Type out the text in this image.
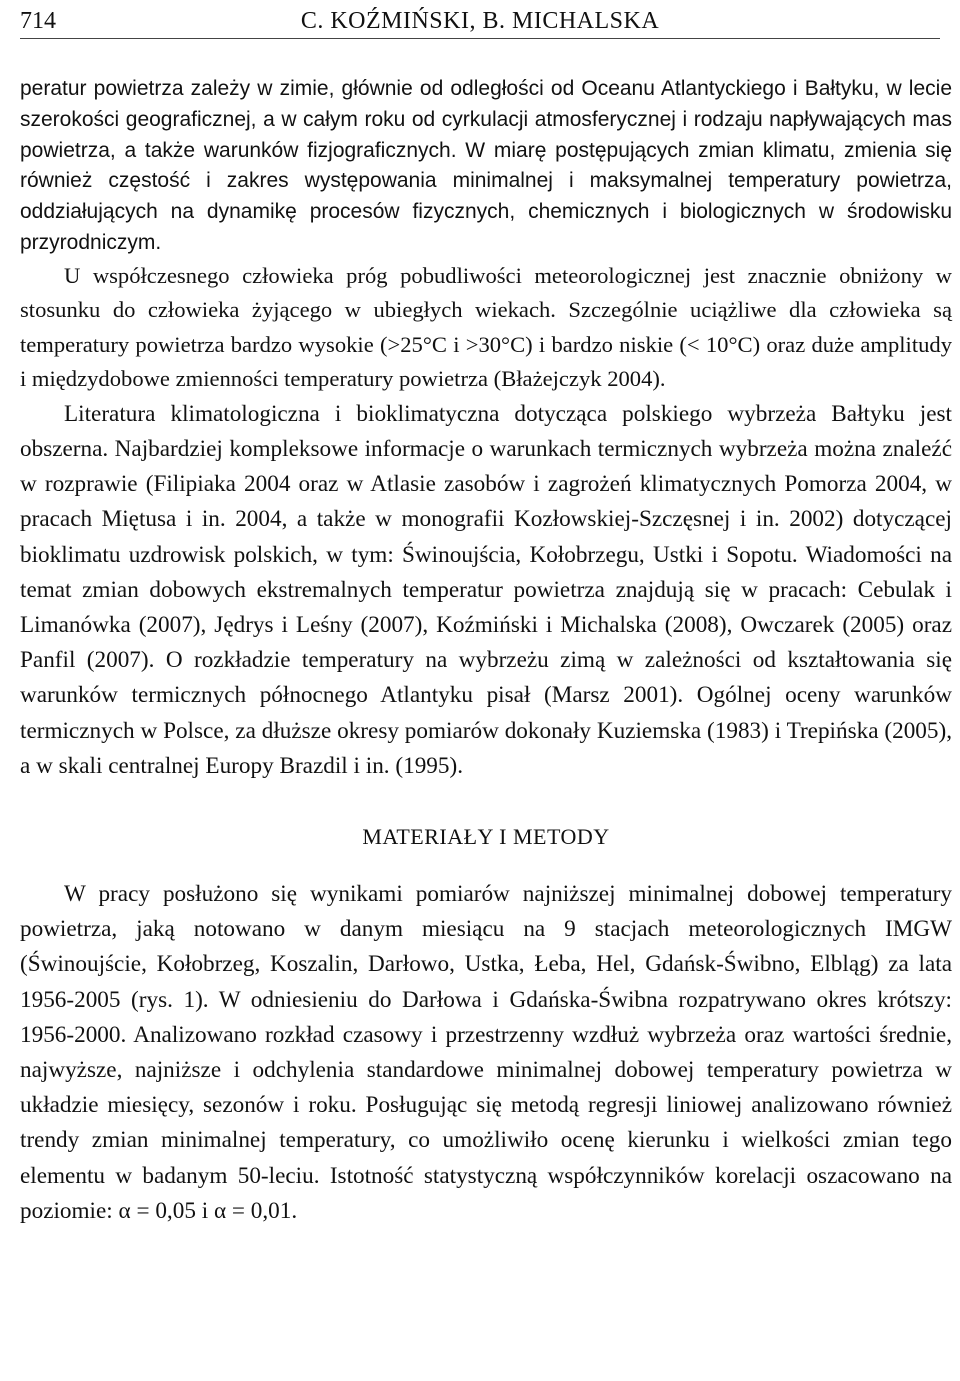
714	C. KOŹMIŃSKI, B. MICHALSKA

peratur powietrza zależy w zimie, głównie od odległości od Oceanu Atlantyckiego i Bałtyku, w lecie szerokości geograficznej, a w całym roku od cyrkulacji atmosferycznej i rodzaju napływających mas powietrza, a także warunków fizjograficznych. W miarę postępujących zmian klimatu, zmienia się również częstość i zakres występowania minimalnej i maksymalnej temperatury powietrza, oddziałujących na dynamikę procesów fizycznych, chemicznych i biologicznych w środowisku przyrodniczym.

U współczesnego człowieka próg pobudliwości meteorologicznej jest znacznie obniżony w stosunku do człowieka żyjącego w ubiegłych wiekach. Szczególnie uciążliwe dla człowieka są temperatury powietrza bardzo wysokie (>25°C i >30°C) i bardzo niskie (< 10°C) oraz duże amplitudy i międzydobowe zmienności temperatury powietrza (Błażejczyk 2004).

Literatura klimatologiczna i bioklimatyczna dotycząca polskiego wybrzeża Bałtyku jest obszerna. Najbardziej kompleksowe informacje o warunkach termicznych wybrzeża można znaleźć w rozprawie (Filipiaka 2004 oraz w Atlasie zasobów i zagrożeń klimatycznych Pomorza 2004, w pracach Miętusa i in. 2004, a także w monografii Kozłowskiej-Szczęsnej i in. 2002) dotyczącej bioklimatu uzdrowisk polskich, w tym: Świnoujścia, Kołobrzegu, Ustki i Sopotu. Wiadomości na temat zmian dobowych ekstremalnych temperatur powietrza znajdują się w pracach: Cebulak i Limanówka (2007), Jędrys i Leśny (2007), Koźmiński i Michalska (2008), Owczarek (2005) oraz Panfil (2007). O rozkładzie temperatury na wybrzeżu zimą w zależności od kształtowania się warunków termicznych północnego Atlantyku pisał (Marsz 2001). Ogólnej oceny warunków termicznych w Polsce, za dłuższe okresy pomiarów dokonały Kuziemska (1983) i Trepińska (2005), a w skali centralnej Europy Brazdil i in. (1995).

MATERIAŁY I METODY

W pracy posłużono się wynikami pomiarów najniższej minimalnej dobowej temperatury powietrza, jaką notowano w danym miesiącu na 9 stacjach meteorologicznych IMGW (Świnoujście, Kołobrzeg, Koszalin, Darłowo, Ustka, Łeba, Hel, Gdańsk-Świbno, Elbląg) za lata 1956-2005 (rys. 1). W odniesieniu do Darłowa i Gdańska-Świbna rozpatrywano okres krótszy: 1956-2000. Analizowano rozkład czasowy i przestrzenny wzdłuż wybrzeża oraz wartości średnie, najwyższe, najniższe i odchylenia standardowe minimalnej dobowej temperatury powietrza w układzie miesięcy, sezonów i roku. Posługując się metodą regresji liniowej analizowano również trendy zmian minimalnej temperatury, co umożliwiło ocenę kierunku i wielkości zmian tego elementu w badanym 50-leciu. Istotność statystyczną współczynników korelacji oszacowano na poziomie: α = 0,05 i α = 0,01.
